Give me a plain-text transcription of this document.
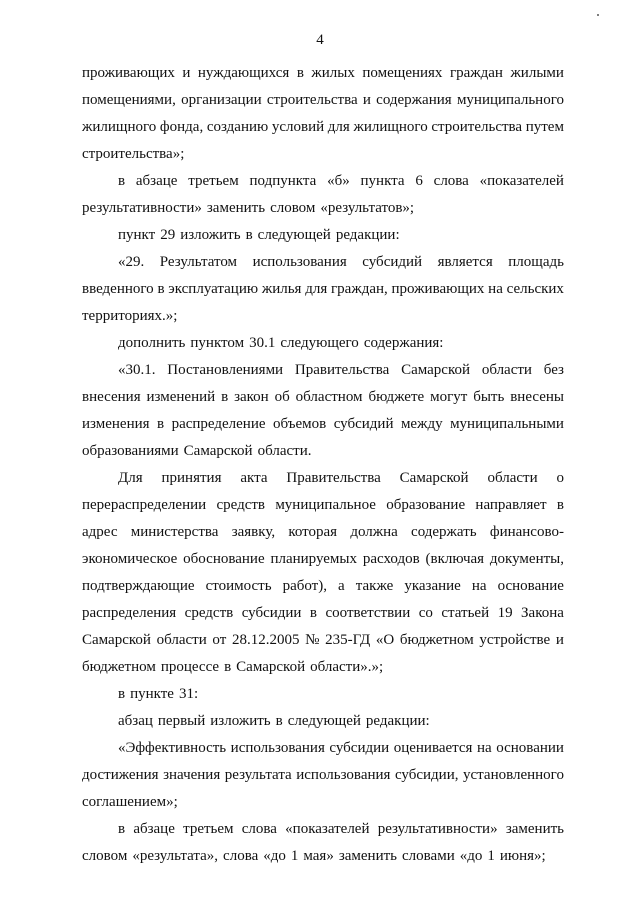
4
проживающих и нуждающихся в жилых помещениях граждан жилыми
помещениями, организации строительства и содержания муниципального
жилищного фонда, созданию условий для жилищного строительства путем
строительства»;
в абзаце третьем подпункта «б» пункта 6 слова «показателей
результативности» заменить словом «результатов»;
пункт 29 изложить в следующей редакции:
«29. Результатом использования субсидий является площадь
введенного в эксплуатацию жилья для граждан, проживающих на сельских
территориях.»;
дополнить пунктом 30.1 следующего содержания:
«30.1. Постановлениями Правительства Самарской области без
внесения изменений в закон об областном бюджете могут быть внесены
изменения в распределение объемов субсидий между муниципальными
образованиями Самарской области.
Для принятия акта Правительства Самарской области о
перераспределении средств муниципальное образование направляет в
адрес министерства заявку, которая должна содержать финансово-
экономическое обоснование планируемых расходов (включая документы,
подтверждающие стоимость работ), а также указание на основание
распределения средств субсидии в соответствии со статьей 19 Закона
Самарской области от 28.12.2005 № 235-ГД «О бюджетном устройстве и
бюджетном процессе в Самарской области».»;
в пункте 31:
абзац первый изложить в следующей редакции:
«Эффективность использования субсидии оценивается на основании
достижения значения результата использования субсидии, установленного
соглашением»;
в абзаце третьем слова «показателей результативности» заменить
словом «результата», слова «до 1 мая» заменить словами «до 1 июня»;
